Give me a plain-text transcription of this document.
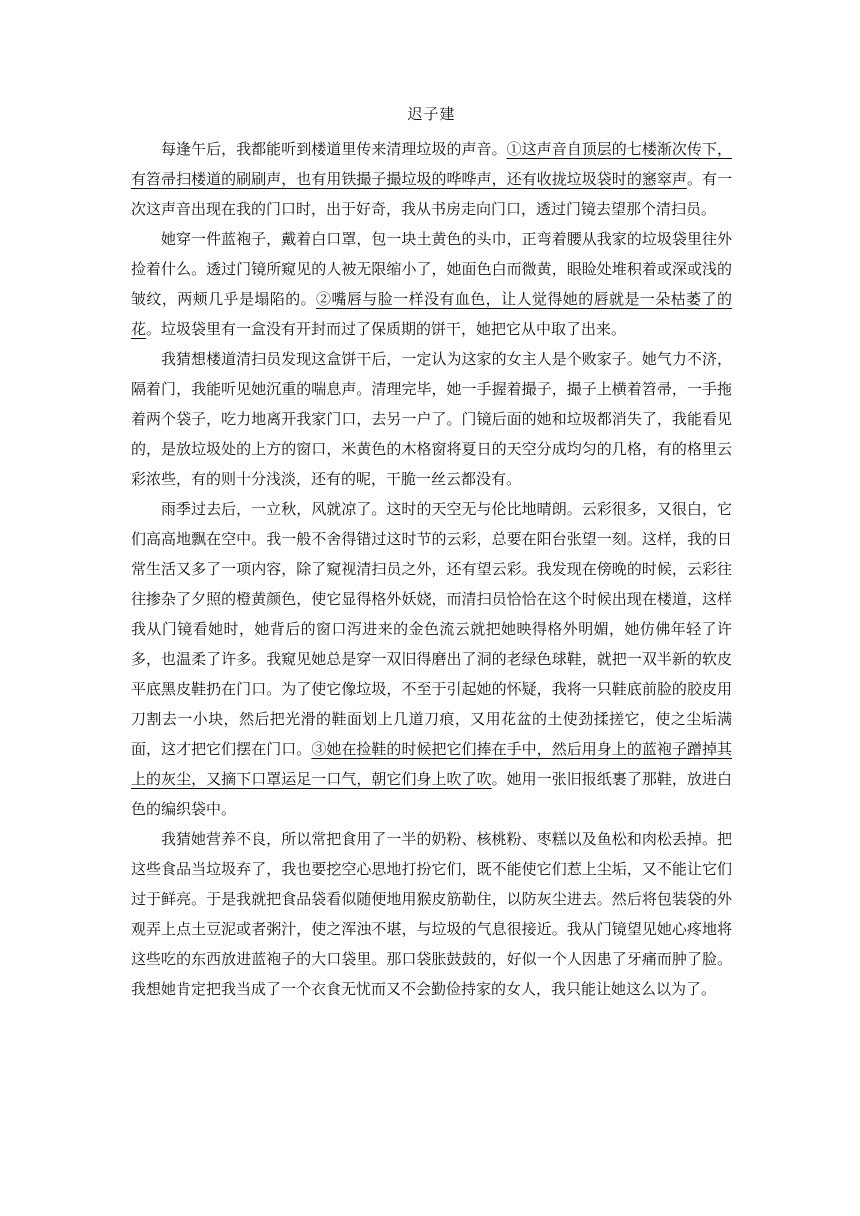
迟子建

每逢午后，我都能听到楼道里传来清理垃圾的声音。①这声音自顶层的七楼渐次传下，有笤帚扫楼道的刷刷声，也有用铁撮子撮垃圾的哗哗声，还有收拢垃圾袋时的窸窣声。有一次这声音出现在我的门口时，出于好奇，我从书房走向门口，透过门镜去望那个清扫员。

她穿一件蓝袍子，戴着白口罩，包一块土黄色的头巾，正弯着腰从我家的垃圾袋里往外捡着什么。透过门镜所窥见的人被无限缩小了，她面色白而微黄，眼睑处堆积着或深或浅的皱纹，两颊几乎是塌陷的。②嘴唇与脸一样没有血色，让人觉得她的唇就是一朵枯萎了的花。垃圾袋里有一盒没有开封而过了保质期的饼干，她把它从中取了出来。

我猜想楼道清扫员发现这盒饼干后，一定认为这家的女主人是个败家子。她气力不济，隔着门，我能听见她沉重的喘息声。清理完毕，她一手握着撮子，撮子上横着笤帚，一手拖着两个袋子，吃力地离开我家门口，去另一户了。门镜后面的她和垃圾都消失了，我能看见的，是放垃圾处的上方的窗口，米黄色的木格窗将夏日的天空分成均匀的几格，有的格里云彩浓些，有的则十分浅淡，还有的呢，干脆一丝云都没有。

雨季过去后，一立秋，风就凉了。这时的天空无与伦比地晴朗。云彩很多，又很白，它们高高地飘在空中。我一般不舍得错过这时节的云彩，总要在阳台张望一刻。这样，我的日常生活又多了一项内容，除了窥视清扫员之外，还有望云彩。我发现在傍晚的时候，云彩往往掺杂了夕照的橙黄颜色，使它显得格外妖娆，而清扫员恰恰在这个时候出现在楼道，这样我从门镜看她时，她背后的窗口泻进来的金色流云就把她映得格外明媚，她仿佛年轻了许多，也温柔了许多。我窥见她总是穿一双旧得磨出了洞的老绿色球鞋，就把一双半新的软皮平底黑皮鞋扔在门口。为了使它像垃圾，不至于引起她的怀疑，我将一只鞋底前脸的胶皮用刀割去一小块，然后把光滑的鞋面划上几道刀痕，又用花盆的土使劲揉搓它，使之尘垢满面，这才把它们摆在门口。③她在捡鞋的时候把它们捧在手中，然后用身上的蓝袍子蹭掉其上的灰尘，又摘下口罩运足一口气，朝它们身上吹了吹。她用一张旧报纸裹了那鞋，放进白色的编织袋中。

我猜她营养不良，所以常把食用了一半的奶粉、核桃粉、枣糕以及鱼松和肉松丢掉。把这些食品当垃圾弃了，我也要挖空心思地打扮它们，既不能使它们惹上尘垢，又不能让它们过于鲜亮。于是我就把食品袋看似随便地用猴皮筋勒住，以防灰尘进去。然后将包装袋的外观弄上点土豆泥或者粥汁，使之浑浊不堪，与垃圾的气息很接近。我从门镜望见她心疼地将这些吃的东西放进蓝袍子的大口袋里。那口袋胀鼓鼓的，好似一个人因患了牙痛而肿了脸。我想她肯定把我当成了一个衣食无忧而又不会勤俭持家的女人，我只能让她这么以为了。
